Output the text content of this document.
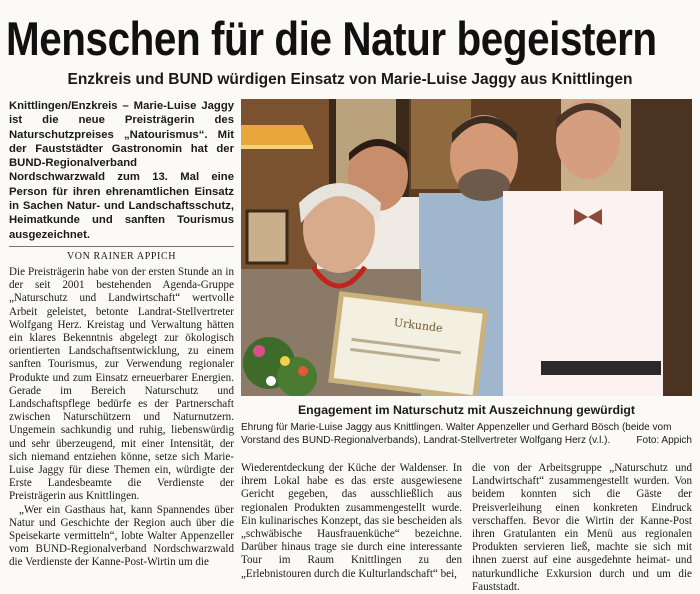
Menschen für die Natur begeistern
Enzkreis und BUND würdigen Einsatz von Marie-Luise Jaggy aus Knittlingen
Knittlingen/Enzkreis – Marie-Luise Jaggy ist die neue Preisträgerin des Naturschutzpreises „Natourismus“. Mit der Fauststädter Gastronomin hat der BUND-Regionalverband Nordschwarzwald zum 13. Mal eine Person für ihren ehrenamtlichen Einsatz in Sachen Natur- und Landschaftsschutz, Heimatkunde und sanften Tourismus ausgezeichnet.
VON RAINER APPICH

Die Preisträgerin habe von der ersten Stunde an in der seit 2001 bestehenden Agenda-Gruppe „Naturschutz und Landwirtschaft“ wertvolle Arbeit geleistet, betonte Landrat-Stellvertreter Wolfgang Herz. Kreistag und Verwaltung hätten ein klares Bekenntnis abgelegt zur ökologisch orientierten Landschaftsentwicklung, zu einem sanften Tourismus, zur Verwendung regionaler Produkte und zum Einsatz erneuerbarer Energien. Gerade im Bereich Naturschutz und Landschaftspflege bedürfe es der Partnerschaft zwischen Naturschützern und Naturnutzern. Ungemein sachkundig und ruhig, liebenswürdig und sehr überzeugend, mit einer Intensität, der sich niemand entziehen könne, setze sich Marie-Luise Jaggy für diese Themen ein, würdigte der Erste Landesbeamte die Verdienste der Preisträgerin aus Knittlingen.

„Wer ein Gasthaus hat, kann Spannendes über Natur und Geschichte der Region auch über die Speisekarte vermitteln“, lobte Walter Appenzeller vom BUND-Regionalverband Nordschwarzwald die Verdienste der Kanne-Post-Wirtin um die

Urkunde
Engagement im Naturschutz mit Auszeichnung gewürdigt
Ehrung für Marie-Luise Jaggy aus Knittlingen. Walter Appenzeller und Gerhard Bösch (beide vom Vorstand des BUND-Regionalverbands), Landrat-Stellvertreter Wolfgang Herz (v.l.).	Foto: Appich

Wiederentdeckung der Küche der Waldenser. In ihrem Lokal habe es das erste ausgewiesene Gericht gegeben, das ausschließlich aus regionalen Produkten zusammengestellt wurde. Ein kulinarisches Konzept, das sie bescheiden als „schwäbische Hausfrauenküche“ bezeichne. Darüber hinaus trage sie durch eine interessante Tour im Raum Knittlingen zu den „Erlebnistouren durch die Kulturlandschaft“ bei,

die von der Arbeitsgruppe „Naturschutz und Landwirtschaft“ zusammengestellt wurden. Von beidem konnten sich die Gäste der Preisverleihung einen konkreten Eindruck verschaffen. Bevor die Wirtin der Kanne-Post ihren Gratulanten ein Menü aus regionalen Produkten servieren ließ, machte sie sich mit ihnen zuerst auf eine ausgedehnte heimat- und naturkundliche Exkursion durch und um die Fauststadt.
